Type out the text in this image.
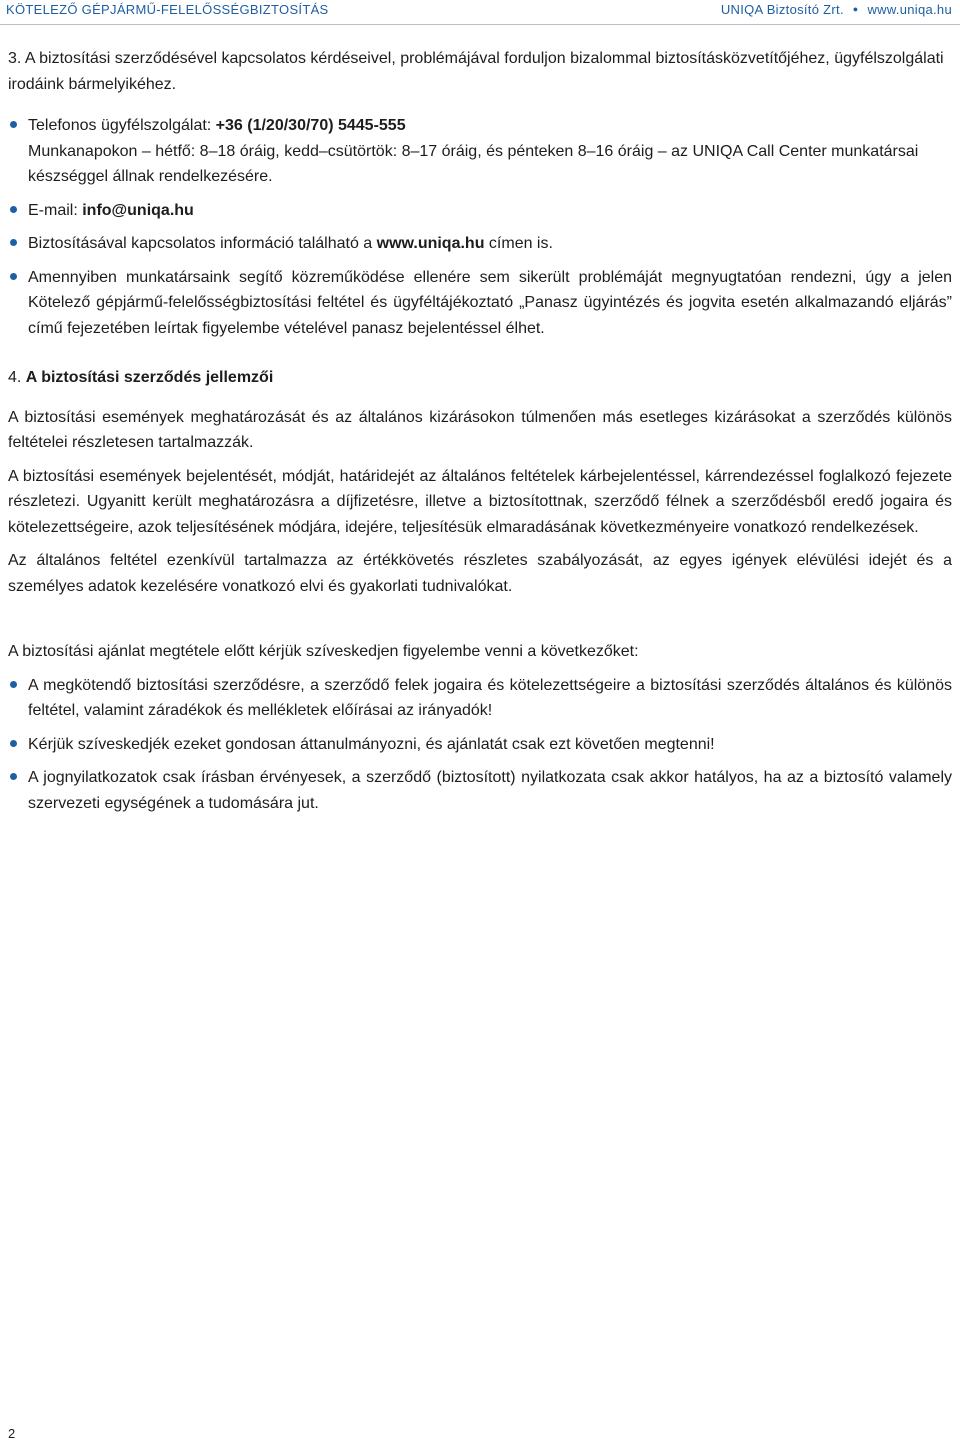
KÖTELEZŐ GÉPJÁRMŰ-FELELŐSSÉGBIZTOSÍTÁS	UNIQA Biztosító Zrt. ● www.uniqa.hu

3. A biztosítási szerződésével kapcsolatos kérdéseivel, problémájával forduljon bizalommal biztosításközvetítőjéhez, ügyfélszolgálati irodáink bármelyikéhez.

Telefonos ügyfélszolgálat: +36 (1/20/30/70) 5445-555
Munkanapokon – hétfő: 8–18 óráig, kedd–csütörtök: 8–17 óráig, és pénteken 8–16 óráig – az UNIQA Call Center munkatársai készséggel állnak rendelkezésére.
E-mail: info@uniqa.hu
Biztosításával kapcsolatos információ található a www.uniqa.hu címen is.
Amennyiben munkatársaink segítő közreműködése ellenére sem sikerült problémáját megnyugtatóan rendezni, úgy a jelen Kötelező gépjármű-felelősségbiztosítási feltétel és ügyféltájékoztató „Panasz ügyintézés és jogvita esetén alkalmazandó eljárás” című fejezetében leírtak figyelembe vételével panasz bejelentéssel élhet.

4. A biztosítási szerződés jellemzői

A biztosítási események meghatározását és az általános kizárásokon túlmenően más esetleges kizárásokat a szerződés különös feltételei részletesen tartalmazzák.

A biztosítási események bejelentését, módját, határidejét az általános feltételek kárbejelentéssel, kárrendezéssel foglalkozó fejezete részletezi. Ugyanitt került meghatározásra a díjfizetésre, illetve a biztosítottnak, szerződő félnek a szerződésből eredő jogaira és kötelezettségeire, azok teljesítésének módjára, idejére, teljesítésük elmaradásának következményeire vonatkozó rendelkezések.

Az általános feltétel ezenkívül tartalmazza az értékkövetés részletes szabályozását, az egyes igények elévülési idejét és a személyes adatok kezelésére vonatkozó elvi és gyakorlati tudnivalókat.

A biztosítási ajánlat megtétele előtt kérjük szíveskedjen figyelembe venni a következőket:

A megkötendő biztosítási szerződésre, a szerződő felek jogaira és kötelezettségeire a biztosítási szerződés általános és különös feltétel, valamint záradékok és mellékletek előírásai az irányadók!
Kérjük szíveskedjék ezeket gondosan áttanulmányozni, és ajánlatát csak ezt követően megtenni!
A jognyilatkozatok csak írásban érvényesek, a szerződő (biztosított) nyilatkozata csak akkor hatályos, ha az a biztosító valamely szervezeti egységének a tudomására jut.
2
